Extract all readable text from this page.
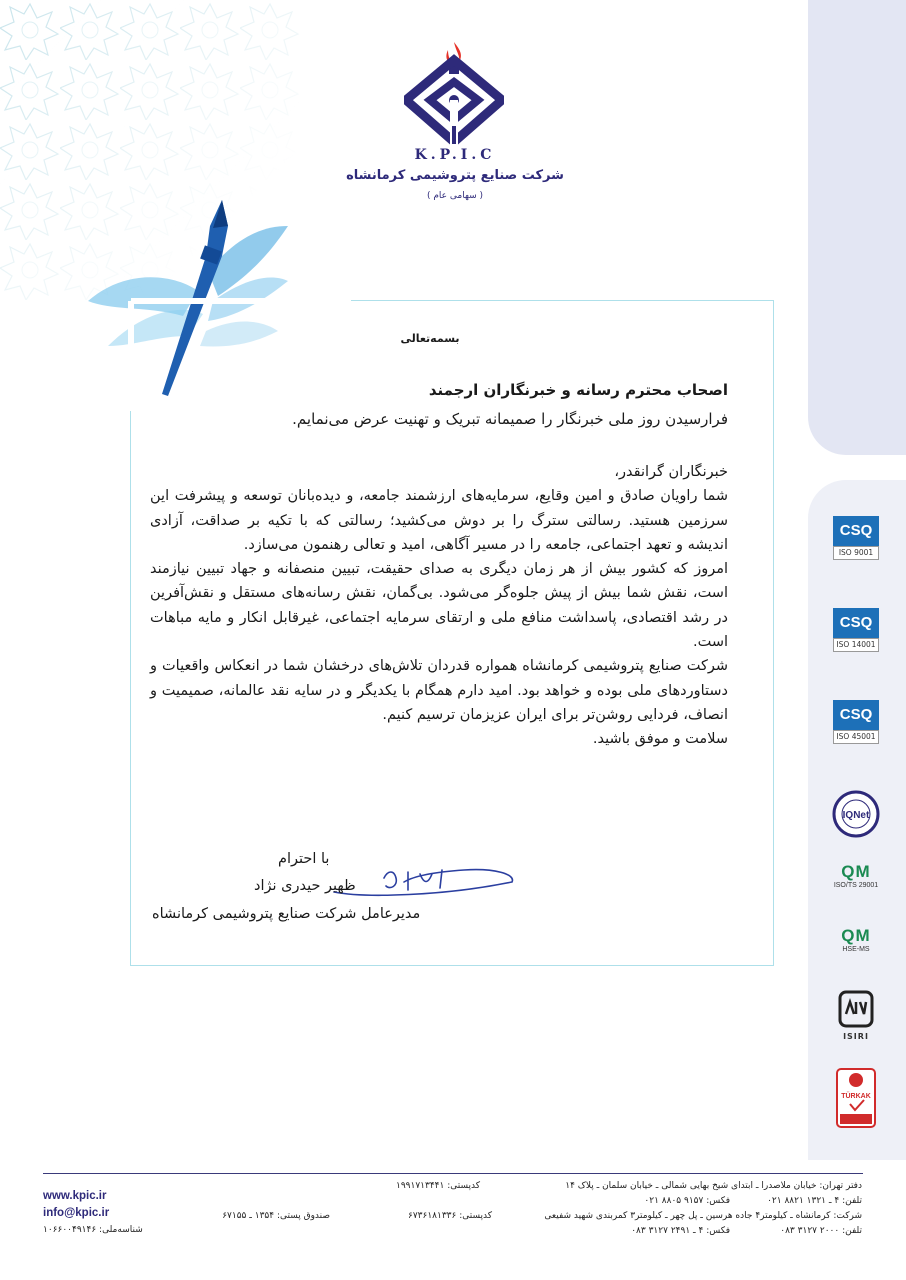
K.P.I.C
شرکت صنایع پتروشیمی کرمانشاه
( سهامی عام )
CSQ
ISO 9001
CSQ
ISO 14001
CSQ
ISO 45001
IQNet
QM
ISO/TS 29001
QM
HSE-MS
ISIRI
TÜRKAK
بسمه‌تعالی
اصحاب محترم رسانه و خبرنگاران ارجمند
فرارسیدن روز ملی خبرنگار را صمیمانه تبریک و تهنیت عرض می‌نمایم.

خبرنگاران گرانقدر،

شما راویان صادق و امین وقایع، سرمایه‌های ارزشمند جامعه، و دیده‌بانان توسعه و پیشرفت این سرزمین هستید. رسالتی سترگ را بر دوش می‌کشید؛ رسالتی که با تکیه بر صداقت، آزادی اندیشه و تعهد اجتماعی، جامعه را در مسیر آگاهی، امید و تعالی رهنمون می‌سازد.

امروز که کشور بیش از هر زمان دیگری به صدای حقیقت، تبیین منصفانه و جهاد تبیین نیازمند است، نقش شما بیش از پیش جلوه‌گر می‌شود. بی‌گمان، نقش رسانه‌های مستقل و نقش‌آفرین در رشد اقتصادی، پاسداشت منافع ملی و ارتقای سرمایه اجتماعی، غیرقابل انکار و مایه مباهات است.

شرکت صنایع پتروشیمی کرمانشاه همواره قدردان تلاش‌های درخشان شما در انعکاس واقعیات و دستاوردهای ملی بوده و خواهد بود. امید دارم همگام با یکدیگر و در سایه نقد عالمانه، صمیمیت و انصاف، فردایی روشن‌تر برای ایران عزیزمان ترسیم کنیم.

سلامت و موفق باشید.

با احترام
ظهیر حیدری نژاد
مدیرعامل شرکت صنایع پتروشیمی کرمانشاه
www.kpic.ir
info@kpic.ir
شناسه‌ملی: ۱۰۶۶۰۰۴۹۱۴۶
دفتر تهران: خیابان ملاصدرا ـ ابتدای شیخ بهایی شمالی ـ خیابان سلمان ـ پلاک ۱۴
کدپستی: ۱۹۹۱۷۱۳۴۴۱
تلفن: ۴ ـ ۱۳۲۱ ۸۸۲۱ ۰۲۱
فکس: ۹۱۵۷ ۸۸۰۵ ۰۲۱
شرکت: کرمانشاه ـ کیلومتر۴ جاده هرسین ـ پل چهر ـ کیلومتر۳ کمربندی شهید شفیعی
کدپستی: ۶۷۳۶۱۸۱۳۳۶
صندوق پستی: ۱۳۵۴ ـ ۶۷۱۵۵
تلفن: ۲۰۰۰ ۳۱۲۷ ۰۸۳
فکس: ۴ ـ ۲۴۹۱ ۳۱۲۷ ۰۸۳
